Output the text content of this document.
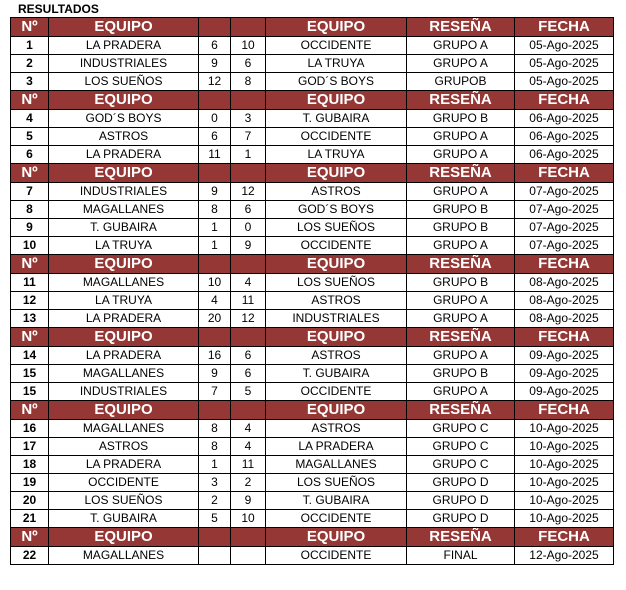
RESULTADOS
Nº	EQUIPO			EQUIPO	RESEÑA	FECHA
1	LA PRADERA	6	10	OCCIDENTE	GRUPO A	05-Ago-2025
2	INDUSTRIALES	9	6	LA TRUYA	GRUPO A	05-Ago-2025
3	LOS SUEÑOS	12	8	GOD´S BOYS	GRUPOB	05-Ago-2025
Nº	EQUIPO			EQUIPO	RESEÑA	FECHA
4	GOD´S BOYS	0	3	T. GUBAIRA	GRUPO B	06-Ago-2025
5	ASTROS	6	7	OCCIDENTE	GRUPO A	06-Ago-2025
6	LA PRADERA	11	1	LA TRUYA	GRUPO A	06-Ago-2025
Nº	EQUIPO			EQUIPO	RESEÑA	FECHA
7	INDUSTRIALES	9	12	ASTROS	GRUPO A	07-Ago-2025
8	MAGALLANES	8	6	GOD´S BOYS	GRUPO B	07-Ago-2025
9	T. GUBAIRA	1	0	LOS SUEÑOS	GRUPO B	07-Ago-2025
10	LA TRUYA	1	9	OCCIDENTE	GRUPO A	07-Ago-2025
Nº	EQUIPO			EQUIPO	RESEÑA	FECHA
11	MAGALLANES	10	4	LOS SUEÑOS	GRUPO B	08-Ago-2025
12	LA TRUYA	4	11	ASTROS	GRUPO A	08-Ago-2025
13	LA PRADERA	20	12	INDUSTRIALES	GRUPO A	08-Ago-2025
Nº	EQUIPO			EQUIPO	RESEÑA	FECHA
14	LA PRADERA	16	6	ASTROS	GRUPO A	09-Ago-2025
15	MAGALLANES	9	6	T. GUBAIRA	GRUPO B	09-Ago-2025
15	INDUSTRIALES	7	5	OCCIDENTE	GRUPO A	09-Ago-2025
Nº	EQUIPO			EQUIPO	RESEÑA	FECHA
16	MAGALLANES	8	4	ASTROS	GRUPO C	10-Ago-2025
17	ASTROS	8	4	LA PRADERA	GRUPO C	10-Ago-2025
18	LA PRADERA	1	11	MAGALLANES	GRUPO C	10-Ago-2025
19	OCCIDENTE	3	2	LOS SUEÑOS	GRUPO D	10-Ago-2025
20	LOS SUEÑOS	2	9	T. GUBAIRA	GRUPO D	10-Ago-2025
21	T. GUBAIRA	5	10	OCCIDENTE	GRUPO D	10-Ago-2025
Nº	EQUIPO			EQUIPO	RESEÑA	FECHA
22	MAGALLANES			OCCIDENTE	FINAL	12-Ago-2025
